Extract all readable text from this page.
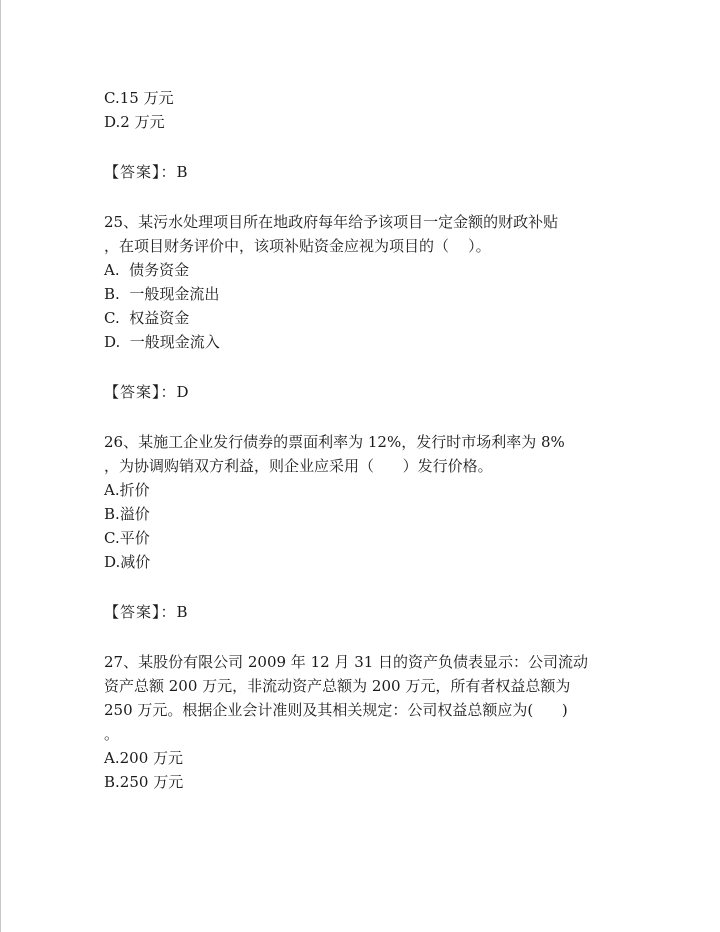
C.15 万元
D.2 万元
【答案】：B
25、某污水处理项目所在地政府每年给予该项目一定金额的财政补贴
，在项目财务评价中，该项补贴资金应视为项目的（    ）。
A.  债务资金
B.  一般现金流出
C.  权益资金
D.  一般现金流入
【答案】：D
26、某施工企业发行债券的票面利率为 12%，发行时市场利率为 8%
，为协调购销双方利益，则企业应采用（      ）发行价格。
A.折价
B.溢价
C.平价
D.减价
【答案】：B
27、某股份有限公司 2009 年 12 月 31 日的资产负债表显示：公司流动
资产总额 200 万元，非流动资产总额为 200 万元，所有者权益总额为
250 万元。根据企业会计准则及其相关规定：公司权益总额应为(      )
。
A.200 万元
B.250 万元
